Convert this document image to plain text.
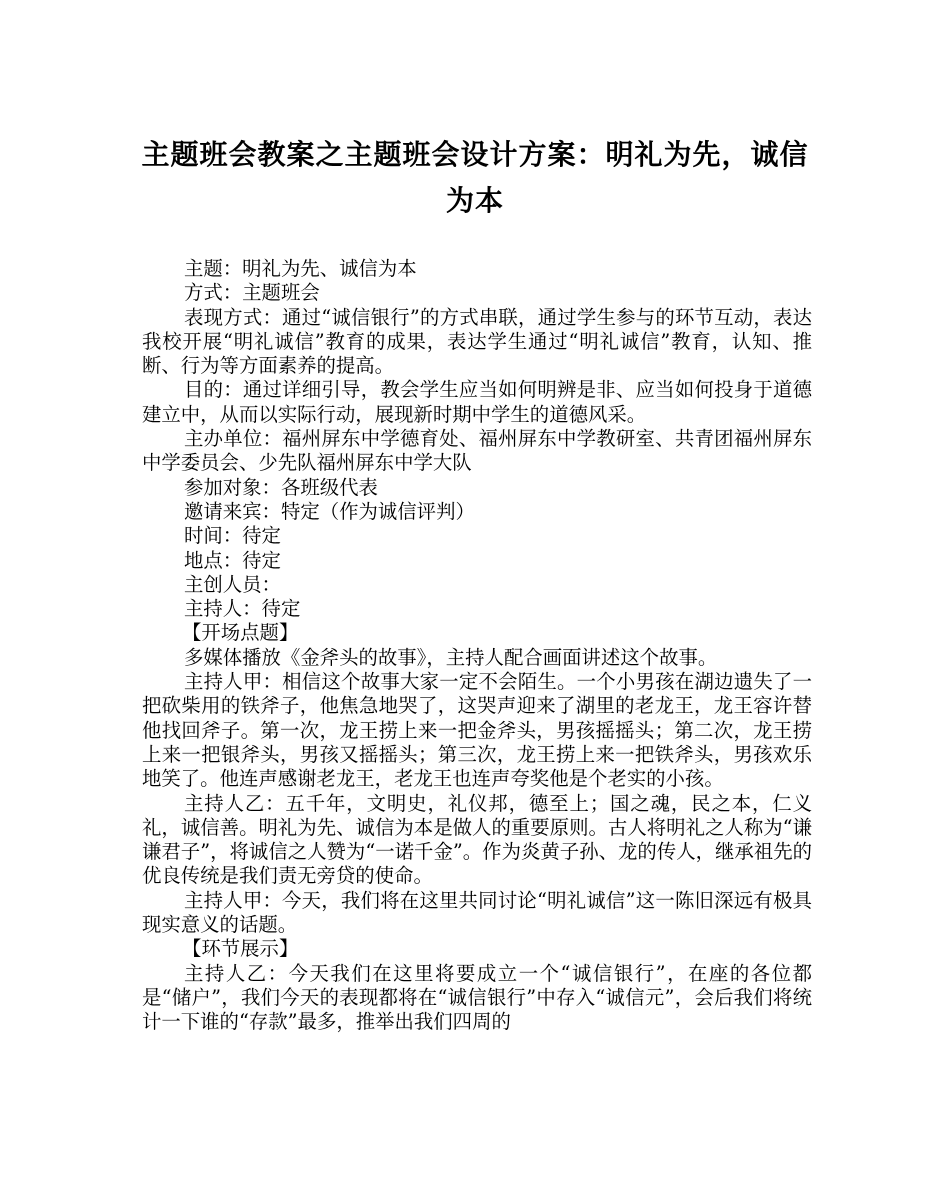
主题班会教案之主题班会设计方案：明礼为先，诚信为本

主题：明礼为先、诚信为本

方式：主题班会

表现方式：通过“诚信银行”的方式串联，通过学生参与的环节互动，表达我校开展“明礼诚信”教育的成果，表达学生通过“明礼诚信”教育，认知、推断、行为等方面素养的提高。

目的：通过详细引导，教会学生应当如何明辨是非、应当如何投身于道德建立中，从而以实际行动，展现新时期中学生的道德风采。

主办单位：福州屏东中学德育处、福州屏东中学教研室、共青团福州屏东中学委员会、少先队福州屏东中学大队

参加对象：各班级代表

邀请来宾：特定（作为诚信评判）

时间：待定

地点：待定

主创人员：

主持人：待定

【开场点题】

多媒体播放《金斧头的故事》，主持人配合画面讲述这个故事。

主持人甲：相信这个故事大家一定不会陌生。一个小男孩在湖边遗失了一把砍柴用的铁斧子，他焦急地哭了，这哭声迎来了湖里的老龙王，龙王容许替他找回斧子。第一次，龙王捞上来一把金斧头，男孩摇摇头；第二次，龙王捞上来一把银斧头，男孩又摇摇头；第三次，龙王捞上来一把铁斧头，男孩欢乐地笑了。他连声感谢老龙王，老龙王也连声夸奖他是个老实的小孩。

主持人乙：五千年，文明史，礼仪邦，德至上；国之魂，民之本，仁义礼，诚信善。明礼为先、诚信为本是做人的重要原则。古人将明礼之人称为“谦谦君子”，将诚信之人赞为“一诺千金”。作为炎黄子孙、龙的传人，继承祖先的优良传统是我们责无旁贷的使命。

主持人甲：今天，我们将在这里共同讨论“明礼诚信”这一陈旧深远有极具现实意义的话题。

【环节展示】

主持人乙：今天我们在这里将要成立一个“诚信银行”，在座的各位都是“储户”，我们今天的表现都将在“诚信银行”中存入“诚信元”，会后我们将统计一下谁的“存款”最多，推举出我们四周的
